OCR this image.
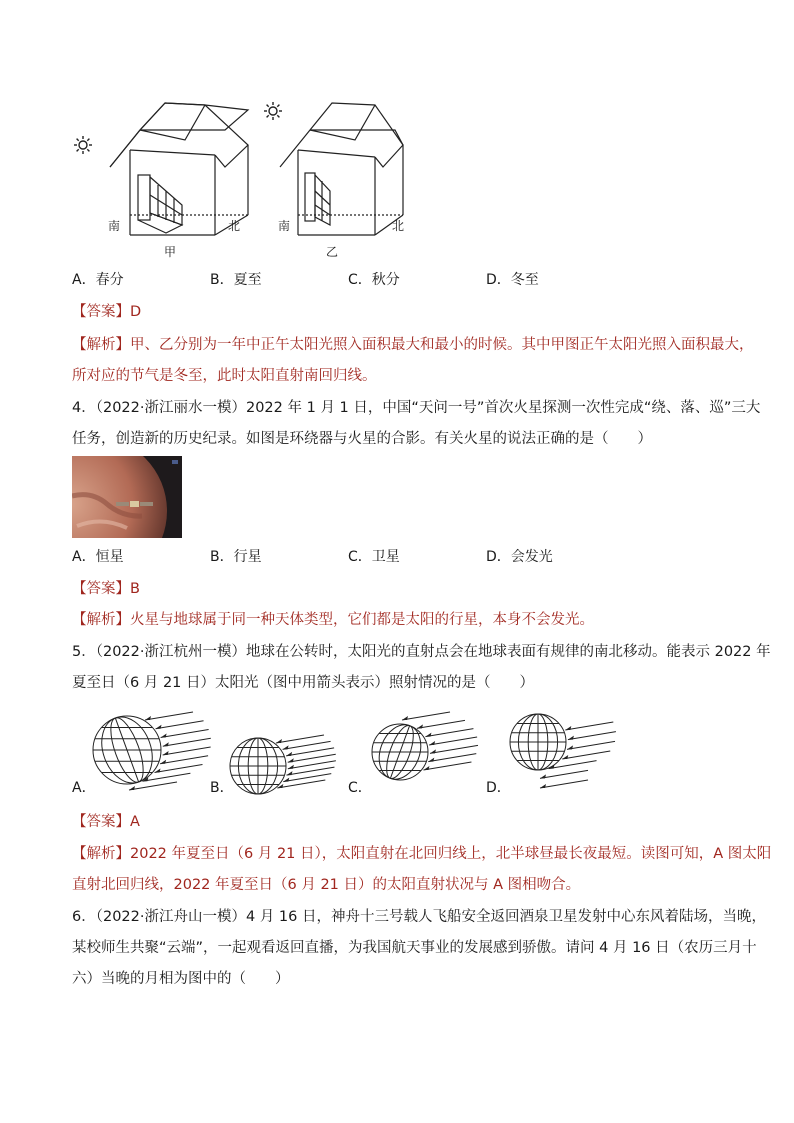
南	北
甲
南	北
乙
A．春分	B．夏至	C．秋分	D．冬至
【答案】D
【解析】甲、乙分别为一年中正午太阳光照入面积最大和最小的时候。其中甲图正午太阳光照入面积最大，
所对应的节气是冬至，此时太阳直射南回归线。
4．（2022·浙江丽水一模）2022 年 1 月 1 日，中国“天问一号”首次火星探测一次性完成“绕、落、巡”三大
任务，创造新的历史纪录。如图是环绕器与火星的合影。有关火星的说法正确的是（　　）
A．恒星	B．行星	C．卫星	D．会发光
【答案】B
【解析】火星与地球属于同一种天体类型，它们都是太阳的行星，本身不会发光。
5．（2022·浙江杭州一模）地球在公转时，太阳光的直射点会在地球表面有规律的南北移动。能表示 2022 年
夏至日（6 月 21 日）太阳光（图中用箭头表示）照射情况的是（　　）
A．	B．	C．	D．
【答案】A
【解析】2022 年夏至日（6 月 21 日），太阳直射在北回归线上，北半球昼最长夜最短。读图可知，A 图太阳
直射北回归线，2022 年夏至日（6 月 21 日）的太阳直射状况与 A 图相吻合。
6．（2022·浙江舟山一模）4 月 16 日，神舟十三号载人飞船安全返回酒泉卫星发射中心东风着陆场，当晚，
某校师生共聚“云端”，一起观看返回直播，为我国航天事业的发展感到骄傲。请问 4 月 16 日（农历三月十
六）当晚的月相为图中的（　　）
